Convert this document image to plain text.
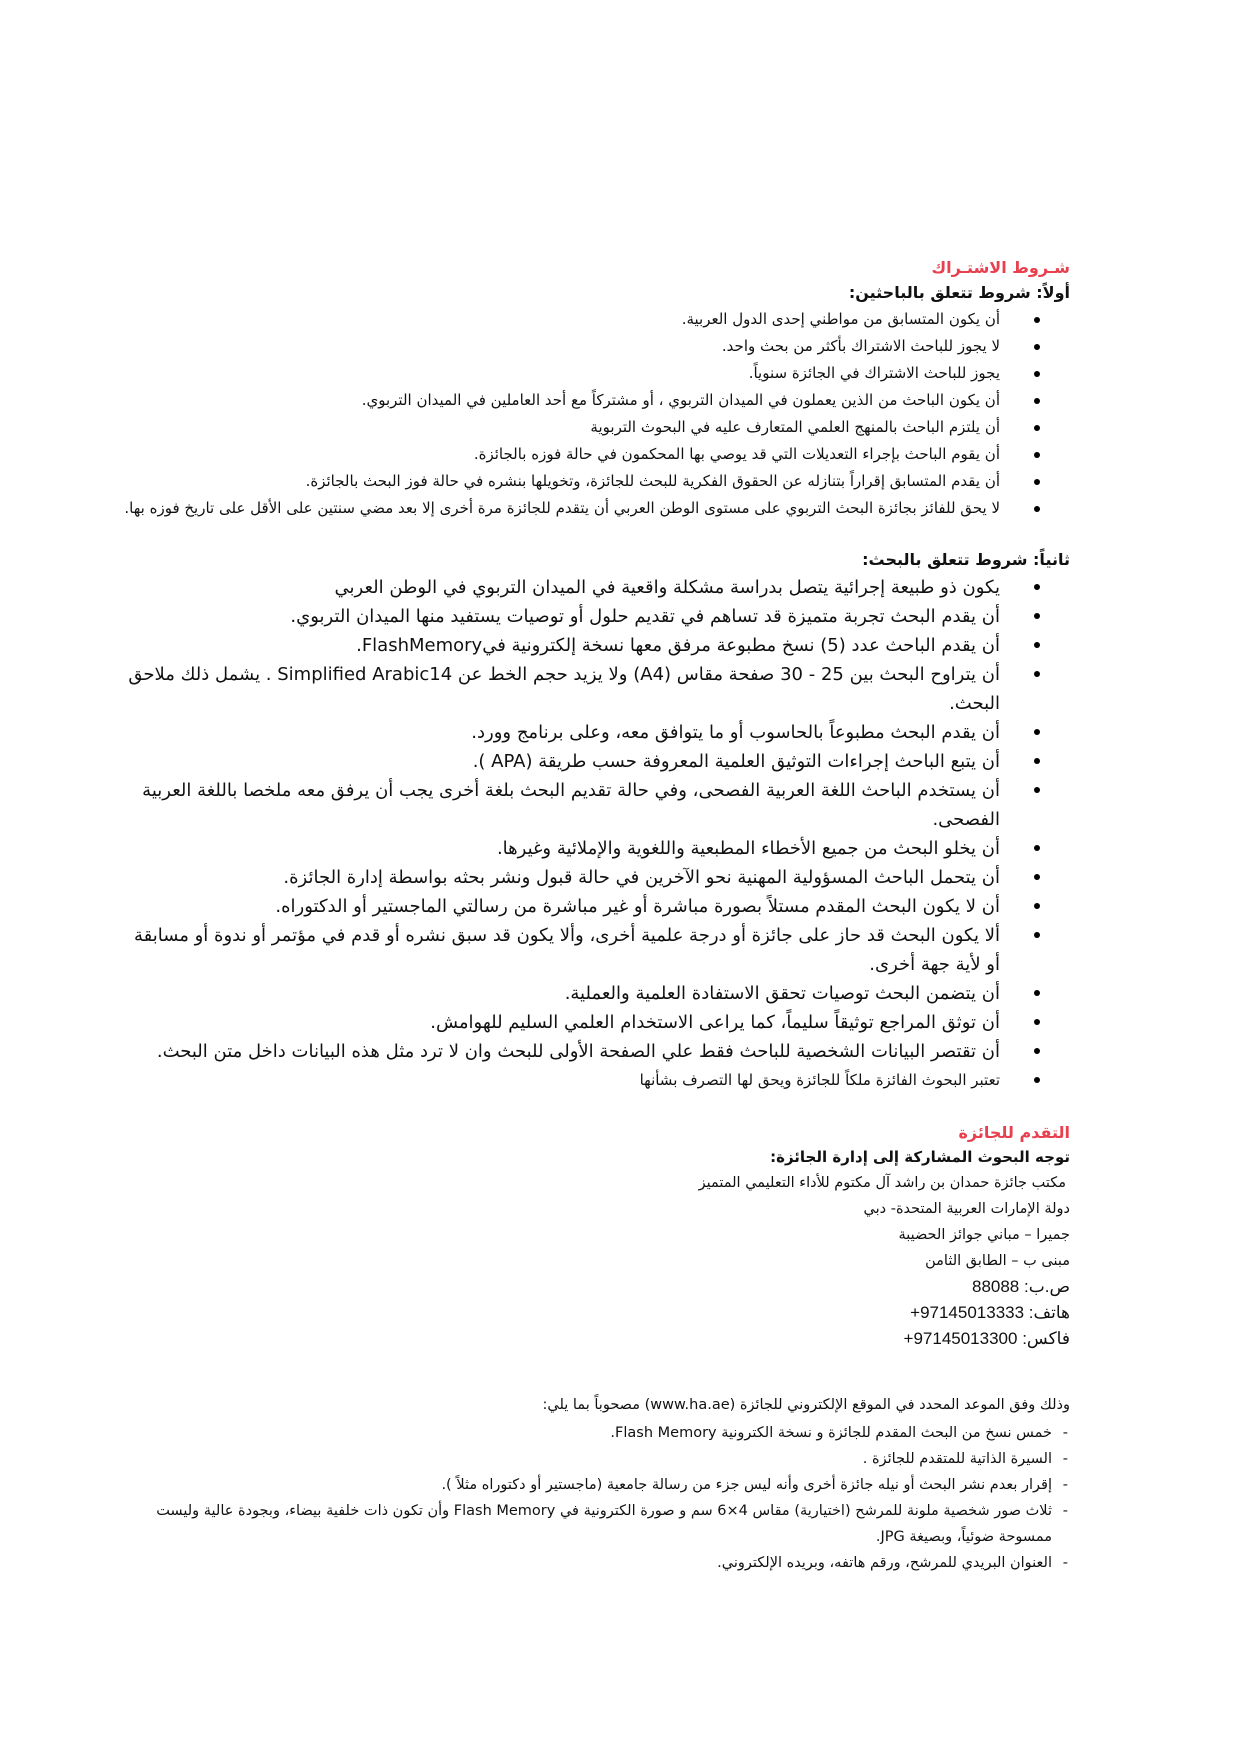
شـروط الاشتـراك
أولاً: شروط تتعلق بالباحثين:
أن يكون المتسابق من مواطني إحدى الدول العربية.
لا يجوز للباحث الاشتراك بأكثر من بحث واحد.
يجوز للباحث الاشتراك في الجائزة سنوياً.
أن يكون الباحث من الذين يعملون في الميدان التربوي ، أو مشتركاً مع أحد العاملين في الميدان التربوي.
أن يلتزم الباحث بالمنهج العلمي المتعارف عليه في البحوث التربوية
أن يقوم الباحث بإجراء التعديلات التي قد يوصي بها المحكمون في حالة فوزه بالجائزة.
أن يقدم المتسابق إقراراً بتنازله عن الحقوق الفكرية للبحث للجائزة، وتخويلها بنشره في حالة فوز البحث بالجائزة.
لا يحق للفائز بجائزة البحث التربوي على مستوى الوطن العربي أن يتقدم للجائزة مرة أخرى إلا بعد مضي سنتين على الأقل على تاريخ فوزه بها.
ثانياً: شروط تتعلق بالبحث:
يكون ذو طبيعة إجرائية يتصل بدراسة مشكلة واقعية في الميدان التربوي في الوطن العربي
أن يقدم البحث تجربة متميزة قد تساهم في تقديم حلول أو توصيات يستفيد منها الميدان التربوي.
أن يقدم الباحث عدد (5) نسخ مطبوعة مرفق معها نسخة إلكترونية فيFlashMemory.
أن يتراوح البحث بين 25 - 30 صفحة مقاس (A4) ولا يزيد حجم الخط عن Simplified Arabic14 . يشمل ذلك ملاحق البحث.
أن يقدم البحث مطبوعاً بالحاسوب أو ما يتوافق معه، وعلى برنامج وورد.
أن يتبع الباحث إجراءات التوثيق العلمية المعروفة حسب طريقة (APA ).
أن يستخدم الباحث اللغة العربية الفصحى، وفي حالة تقديم البحث بلغة أخرى يجب أن يرفق معه ملخصا باللغة العربية الفصحى.
أن يخلو البحث من جميع الأخطاء المطبعية واللغوية والإملائية وغيرها.
أن يتحمل الباحث المسؤولية المهنية نحو الآخرين في حالة قبول ونشر بحثه بواسطة إدارة الجائزة.
أن لا يكون البحث المقدم مستلاً بصورة مباشرة أو غير مباشرة من رسالتي الماجستير أو الدكتوراه.
ألا يكون البحث قد حاز على جائزة أو درجة علمية أخرى، وألا يكون قد سبق نشره أو قدم في مؤتمر أو ندوة أو مسابقة أو لأية جهة أخرى.
أن يتضمن البحث توصيات تحقق الاستفادة العلمية والعملية.
أن توثق المراجع توثيقاً سليماً، كما يراعى الاستخدام العلمي السليم للهوامش.
أن تقتصر البيانات الشخصية للباحث فقط علي الصفحة الأولى للبحث وان لا ترد مثل هذه البيانات داخل متن البحث.
تعتبر البحوث الفائزة ملكاً للجائزة ويحق لها التصرف بشأنها
التقدم للجائزة
توجه البحوث المشاركة إلى إدارة الجائزة:
مكتب جائزة حمدان بن راشد آل مكتوم للأداء التعليمي المتميز
دولة الإمارات العربية المتحدة- دبي
جميرا – مباني جوائز الحضيبة
مبنى ب – الطابق الثامن
ص.ب: 88088
هاتف: 97145013333+
فاكس: 97145013300+
وذلك وفق الموعد المحدد في الموقع الإلكتروني للجائزة (www.ha.ae) مصحوباً بما يلي:
- خمس نسخ من البحث المقدم للجائزة و نسخة الكترونية Flash Memory.
- السيرة الذاتية للمتقدم للجائزة .
- إقرار بعدم نشر البحث أو نيله جائزة أخرى وأنه ليس جزء من رسالة جامعية (ماجستير أو دكتوراه مثلاً ).
- ثلاث صور شخصية ملونة للمرشح (اختيارية) مقاس 4×6 سم و صورة الكترونية في Flash Memory وأن تكون ذات خلفية بيضاء، وبجودة عالية وليست ممسوحة ضوئياً، وبصيغة JPG.
- العنوان البريدي للمرشح، ورقم هاتفه، وبريده الإلكتروني.
